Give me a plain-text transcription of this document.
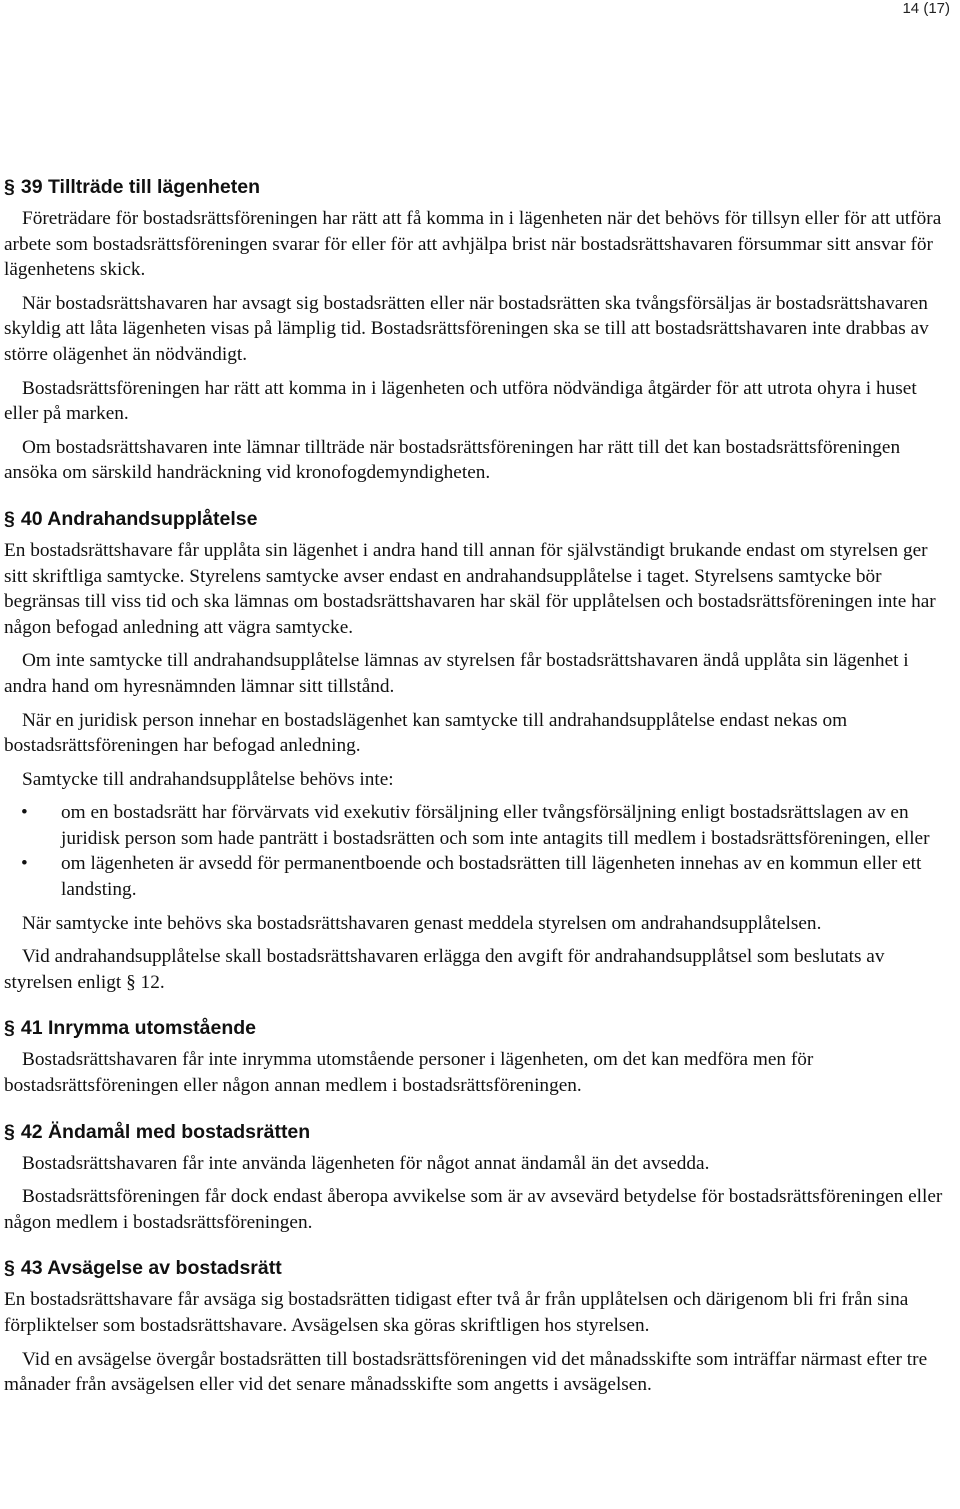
14 (17)
§ 39 Tillträde till lägenheten

Företrädare för bostadsrättsföreningen har rätt att få komma in i lägenheten när det behövs för tillsyn eller för att utföra arbete som bostadsrättsföreningen svarar för eller för att avhjälpa brist när bostadsrättshavaren försummar sitt ansvar för lägenhetens skick.

När bostadsrättshavaren har avsagt sig bostadsrätten eller när bostadsrätten ska tvångsförsäljas är bostadsrättshavaren skyldig att låta lägenheten visas på lämplig tid. Bostadsrättsföreningen ska se till att bostadsrättshavaren inte drabbas av större olägenhet än nödvändigt.

Bostadsrättsföreningen har rätt att komma in i lägenheten och utföra nödvändiga åtgärder för att utrota ohyra i huset eller på marken.

Om bostadsrättshavaren inte lämnar tillträde när bostadsrättsföreningen har rätt till det kan bostadsrättsföreningen ansöka om särskild handräckning vid kronofogdemyndigheten.

§ 40 Andrahandsupplåtelse

En bostadsrättshavare får upplåta sin lägenhet i andra hand till annan för självständigt brukande endast om styrelsen ger sitt skriftliga samtycke. Styrelens samtycke avser endast en andrahandsupplåtelse i taget. Styrelsens samtycke bör begränsas till viss tid och ska lämnas om bostadsrättshavaren har skäl för upplåtelsen och bostadsrättsföreningen inte har någon befogad anledning att vägra samtycke.

Om inte samtycke till andrahandsupplåtelse lämnas av styrelsen får bostadsrättshavaren ändå upplåta sin lägenhet i andra hand om hyresnämnden lämnar sitt tillstånd.

När en juridisk person innehar en bostadslägenhet kan samtycke till andrahandsupplåtelse endast nekas om bostadsrättsföreningen har befogad anledning.

Samtycke till andrahandsupplåtelse behövs inte:

• om en bostadsrätt har förvärvats vid exekutiv försäljning eller tvångsförsäljning enligt bostadsrättslagen av en juridisk person som hade panträtt i bostadsrätten och som inte antagits till medlem i bostadsrättsföreningen, eller
• om lägenheten är avsedd för permanentboende och bostadsrätten till lägenheten innehas av en kommun eller ett landsting.

När samtycke inte behövs ska bostadsrättshavaren genast meddela styrelsen om andrahandsupplåtelsen.

Vid andrahandsupplåtelse skall bostadsrättshavaren erlägga den avgift för andrahandsupplåtsel som beslutats av styrelsen enligt § 12.

§ 41 Inrymma utomstående

Bostadsrättshavaren får inte inrymma utomstående personer i lägenheten, om det kan medföra men för bostadsrättsföreningen eller någon annan medlem i bostadsrättsföreningen.

§ 42 Ändamål med bostadsrätten

Bostadsrättshavaren får inte använda lägenheten för något annat ändamål än det avsedda.

Bostadsrättsföreningen får dock endast åberopa avvikelse som är av avsevärd betydelse för bostadsrättsföreningen eller någon medlem i bostadsrättsföreningen.

§ 43 Avsägelse av bostadsrätt

En bostadsrättshavare får avsäga sig bostadsrätten tidigast efter två år från upplåtelsen och därigenom bli fri från sina förpliktelser som bostadsrättshavare. Avsägelsen ska göras skriftligen hos styrelsen.

Vid en avsägelse övergår bostadsrätten till bostadsrättsföreningen vid det månadsskifte som inträffar närmast efter tre månader från avsägelsen eller vid det senare månadsskifte som angetts i avsägelsen.
